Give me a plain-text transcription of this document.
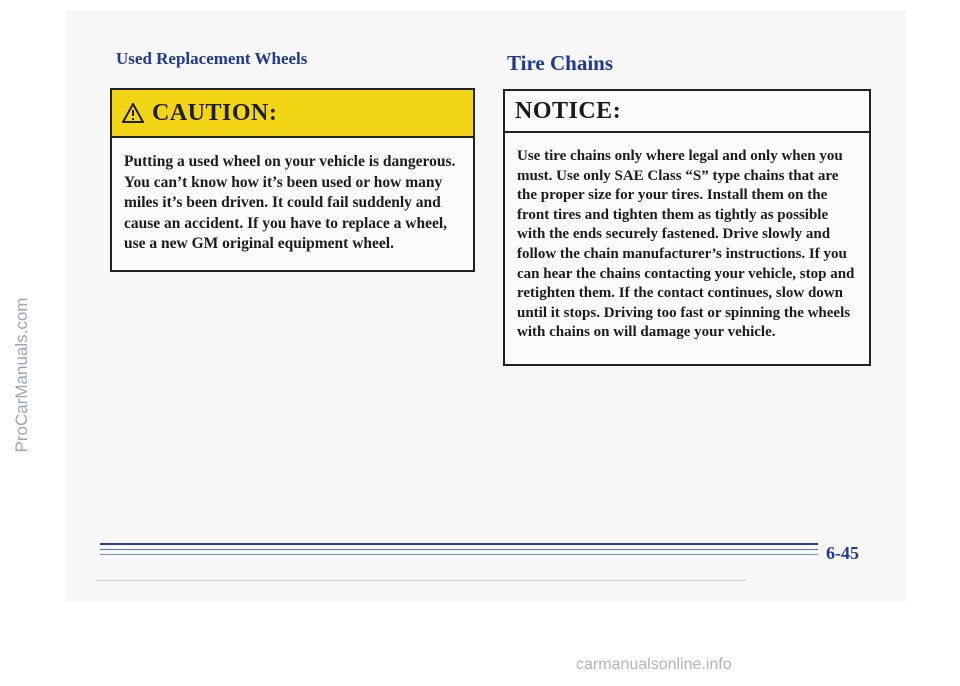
ProCarManuals.com
Used Replacement Wheels
CAUTION:
Putting a used wheel on your vehicle is dangerous. You can’t know how it’s been used or how many miles it’s been driven. It could fail suddenly and cause an accident. If you have to replace a wheel, use a new GM original equipment wheel.
Tire Chains
NOTICE:
Use tire chains only where legal and only when you must. Use only SAE Class “S” type chains that are the proper size for your tires. Install them on the front tires and tighten them as tightly as possible with the ends securely fastened. Drive slowly and follow the chain manufacturer’s instructions. If you can hear the chains contacting your vehicle, stop and retighten them. If the contact continues, slow down until it stops. Driving too fast or spinning the wheels with chains on will damage your vehicle.
6-45
carmanualsonline.info
